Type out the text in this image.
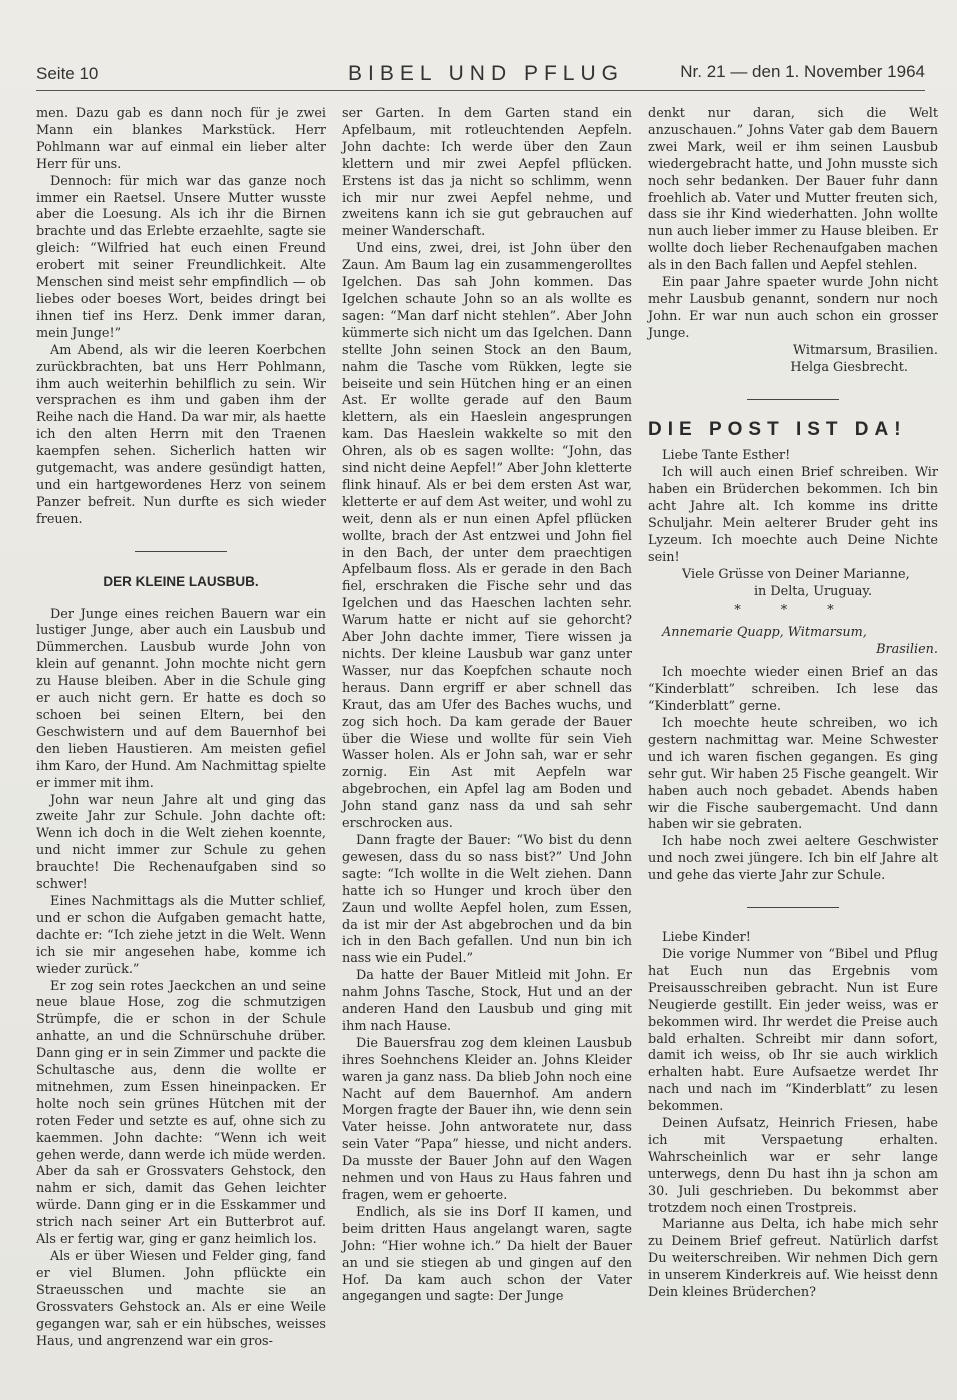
Seite 10	BIBEL UND PFLUG	Nr. 21 — den 1. November 1964

men. Dazu gab es dann noch für je zwei Mann ein blankes Markstück. Herr Pohlmann war auf einmal ein lieber alter Herr für uns.

Dennoch: für mich war das ganze noch immer ein Raetsel. Unsere Mutter wusste aber die Loesung. Als ich ihr die Birnen brachte und das Erlebte erzaehlte, sagte sie gleich: “Wilfried hat euch einen Freund erobert mit seiner Freundlichkeit. Alte Menschen sind meist sehr empfindlich — ob liebes oder boeses Wort, beides dringt bei ihnen tief ins Herz. Denk immer daran, mein Junge!”

Am Abend, als wir die leeren Koerbchen zurückbrachten, bat uns Herr Pohlmann, ihm auch weiterhin behilflich zu sein. Wir versprachen es ihm und gaben ihm der Reihe nach die Hand. Da war mir, als haette ich den alten Herrn mit den Traenen kaempfen sehen. Sicherlich hatten wir gutgemacht, was andere gesündigt hatten, und ein hartgewordenes Herz von seinem Panzer befreit. Nun durfte es sich wieder freuen.

DER KLEINE LAUSBUB.

Der Junge eines reichen Bauern war ein lustiger Junge, aber auch ein Lausbub und Dümmerchen. Lausbub wurde John von klein auf genannt. John mochte nicht gern zu Hause bleiben. Aber in die Schule ging er auch nicht gern. Er hatte es doch so schoen bei seinen Eltern, bei den Geschwistern und auf dem Bauernhof bei den lieben Haustieren. Am meisten gefiel ihm Karo, der Hund. Am Nachmittag spielte er immer mit ihm.

John war neun Jahre alt und ging das zweite Jahr zur Schule. John dachte oft: Wenn ich doch in die Welt ziehen koennte, und nicht immer zur Schule zu gehen brauchte! Die Rechenaufgaben sind so schwer!

Eines Nachmittags als die Mutter schlief, und er schon die Aufgaben gemacht hatte, dachte er: “Ich ziehe jetzt in die Welt. Wenn ich sie mir angesehen habe, komme ich wieder zurück.”

Er zog sein rotes Jaeckchen an und seine neue blaue Hose, zog die schmutzigen Strümpfe, die er schon in der Schule anhatte, an und die Schnürschuhe drüber. Dann ging er in sein Zimmer und packte die Schultasche aus, denn die wollte er mitnehmen, zum Essen hineinpacken. Er holte noch sein grünes Hütchen mit der roten Feder und setzte es auf, ohne sich zu kaemmen. John dachte: “Wenn ich weit gehen werde, dann werde ich müde werden. Aber da sah er Grossvaters Gehstock, den nahm er sich, damit das Gehen leichter würde. Dann ging er in die Esskammer und strich nach seiner Art ein Butterbrot auf. Als er fertig war, ging er ganz heimlich los.

Als er über Wiesen und Felder ging, fand er viel Blumen. John pflückte ein Straeusschen und machte sie an Grossvaters Gehstock an. Als er eine Weile gegangen war, sah er ein hübsches, weisses Haus, und angrenzend war ein gros-

ser Garten. In dem Garten stand ein Apfelbaum, mit rotleuchtenden Aepfeln. John dachte: Ich werde über den Zaun klettern und mir zwei Aepfel pflücken. Erstens ist das ja nicht so schlimm, wenn ich mir nur zwei Aepfel nehme, und zweitens kann ich sie gut gebrauchen auf meiner Wanderschaft.

Und eins, zwei, drei, ist John über den Zaun. Am Baum lag ein zusammengerolltes Igelchen. Das sah John kommen. Das Igelchen schaute John so an als wollte es sagen: “Man darf nicht stehlen”. Aber John kümmerte sich nicht um das Igelchen. Dann stellte John seinen Stock an den Baum, nahm die Tasche vom Rükken, legte sie beiseite und sein Hütchen hing er an einen Ast. Er wollte gerade auf den Baum klettern, als ein Haeslein angesprungen kam. Das Haeslein wakkelte so mit den Ohren, als ob es sagen wollte: “John, das sind nicht deine Aepfel!” Aber John kletterte flink hinauf. Als er bei dem ersten Ast war, kletterte er auf dem Ast weiter, und wohl zu weit, denn als er nun einen Apfel pflücken wollte, brach der Ast entzwei und John fiel in den Bach, der unter dem praechtigen Apfelbaum floss. Als er gerade in den Bach fiel, erschraken die Fische sehr und das Igelchen und das Haeschen lachten sehr. Warum hatte er nicht auf sie gehorcht? Aber John dachte immer, Tiere wissen ja nichts. Der kleine Lausbub war ganz unter Wasser, nur das Koepfchen schaute noch heraus. Dann ergriff er aber schnell das Kraut, das am Ufer des Baches wuchs, und zog sich hoch. Da kam gerade der Bauer über die Wiese und wollte für sein Vieh Wasser holen. Als er John sah, war er sehr zornig. Ein Ast mit Aepfeln war abgebrochen, ein Apfel lag am Boden und John stand ganz nass da und sah sehr erschrocken aus.

Dann fragte der Bauer: “Wo bist du denn gewesen, dass du so nass bist?” Und John sagte: “Ich wollte in die Welt ziehen. Dann hatte ich so Hunger und kroch über den Zaun und wollte Aepfel holen, zum Essen, da ist mir der Ast abgebrochen und da bin ich in den Bach gefallen. Und nun bin ich nass wie ein Pudel.”

Da hatte der Bauer Mitleid mit John. Er nahm Johns Tasche, Stock, Hut und an der anderen Hand den Lausbub und ging mit ihm nach Hause.

Die Bauersfrau zog dem kleinen Lausbub ihres Soehnchens Kleider an. Johns Kleider waren ja ganz nass. Da blieb John noch eine Nacht auf dem Bauernhof. Am andern Morgen fragte der Bauer ihn, wie denn sein Vater heisse. John antworatete nur, dass sein Vater “Papa” hiesse, und nicht anders. Da musste der Bauer John auf den Wagen nehmen und von Haus zu Haus fahren und fragen, wem er gehoerte.

Endlich, als sie ins Dorf II kamen, und beim dritten Haus angelangt waren, sagte John: “Hier wohne ich.” Da hielt der Bauer an und sie stiegen ab und gingen auf den Hof. Da kam auch schon der Vater angegangen und sagte: Der Junge

denkt nur daran, sich die Welt anzuschauen.” Johns Vater gab dem Bauern zwei Mark, weil er ihm seinen Lausbub wiedergebracht hatte, und John musste sich noch sehr bedanken. Der Bauer fuhr dann froehlich ab. Vater und Mutter freuten sich, dass sie ihr Kind wiederhatten. John wollte nun auch lieber immer zu Hause bleiben. Er wollte doch lieber Rechenaufgaben machen als in den Bach fallen und Aepfel stehlen.

Ein paar Jahre spaeter wurde John nicht mehr Lausbub genannt, sondern nur noch John. Er war nun auch schon ein grosser Junge.

Witmarsum, Brasilien.

Helga Giesbrecht.

DIE POST IST DA!

Liebe Tante Esther!

Ich will auch einen Brief schreiben. Wir haben ein Brüderchen bekommen. Ich bin acht Jahre alt. Ich komme ins dritte Schuljahr. Mein aelterer Bruder geht ins Lyzeum. Ich moechte auch Deine Nichte sein!

Viele Grüsse von Deiner Marianne,

in Delta, Uruguay.

* * *

Annemarie Quapp, Witmarsum,

Brasilien.

Ich moechte wieder einen Brief an das “Kinderblatt” schreiben. Ich lese das “Kinderblatt” gerne.

Ich moechte heute schreiben, wo ich gestern nachmittag war. Meine Schwester und ich waren fischen gegangen. Es ging sehr gut. Wir haben 25 Fische geangelt. Wir haben auch noch gebadet. Abends haben wir die Fische saubergemacht. Und dann haben wir sie gebraten.

Ich habe noch zwei aeltere Geschwister und noch zwei jüngere. Ich bin elf Jahre alt und gehe das vierte Jahr zur Schule.

Liebe Kinder!

Die vorige Nummer von “Bibel und Pflug hat Euch nun das Ergebnis vom Preisausschreiben gebracht. Nun ist Eure Neugierde gestillt. Ein jeder weiss, was er bekommen wird. Ihr werdet die Preise auch bald erhalten. Schreibt mir dann sofort, damit ich weiss, ob Ihr sie auch wirklich erhalten habt. Eure Aufsaetze werdet Ihr nach und nach im “Kinderblatt” zu lesen bekommen.

Deinen Aufsatz, Heinrich Friesen, habe ich mit Verspaetung erhalten. Wahrscheinlich war er sehr lange unterwegs, denn Du hast ihn ja schon am 30. Juli geschrieben. Du bekommst aber trotzdem noch einen Trostpreis.

Marianne aus Delta, ich habe mich sehr zu Deinem Brief gefreut. Natürlich darfst Du weiterschreiben. Wir nehmen Dich gern in unserem Kinderkreis auf. Wie heisst denn Dein kleines Brüderchen?
